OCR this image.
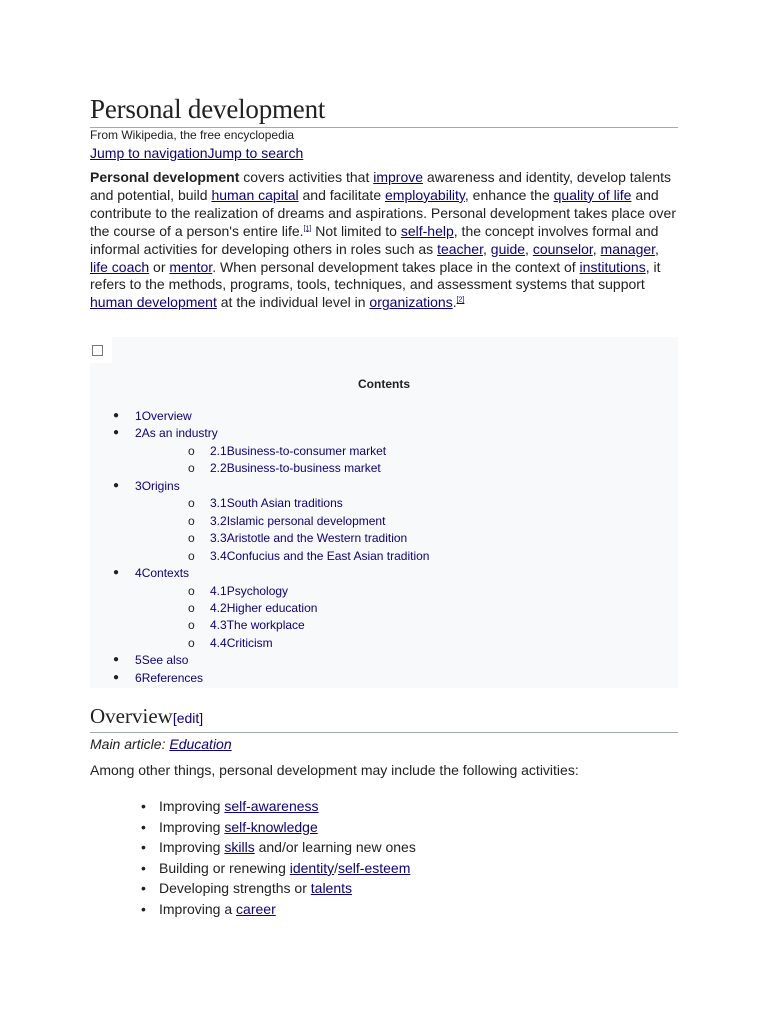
Personal development
From Wikipedia, the free encyclopedia
Jump to navigationJump to search

Personal development covers activities that improve awareness and identity, develop talents and potential, build human capital and facilitate employability, enhance the quality of life and contribute to the realization of dreams and aspirations. Personal development takes place over the course of a person's entire life.[1] Not limited to self-help, the concept involves formal and informal activities for developing others in roles such as teacher, guide, counselor, manager, life coach or mentor. When personal development takes place in the context of institutions, it refers to the methods, programs, tools, techniques, and assessment systems that support human development at the individual level in organizations.[2]

Contents
● 1Overview
● 2As an industry
o 2.1Business-to-consumer market
o 2.2Business-to-business market
● 3Origins
o 3.1South Asian traditions
o 3.2Islamic personal development
o 3.3Aristotle and the Western tradition
o 3.4Confucius and the East Asian tradition
● 4Contexts
o 4.1Psychology
o 4.2Higher education
o 4.3The workplace
o 4.4Criticism
● 5See also
● 6References
Overview[edit]
Main article: Education
Among other things, personal development may include the following activities:
• Improving self-awareness
• Improving self-knowledge
• Improving skills and/or learning new ones
• Building or renewing identity/self-esteem
• Developing strengths or talents
• Improving a career
